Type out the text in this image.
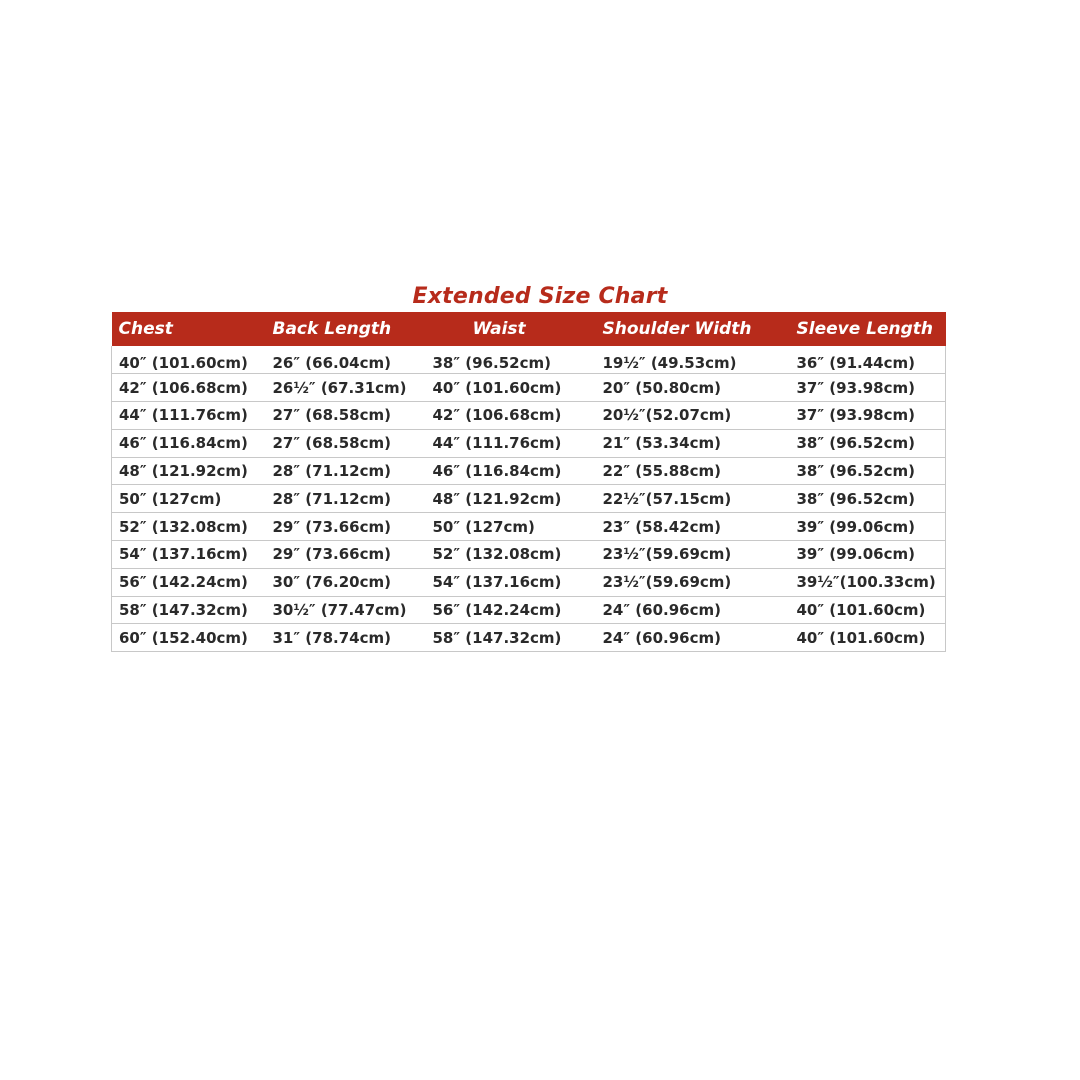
Extended Size Chart
Chest	Back Length	Waist	Shoulder Width	Sleeve Length
40″ (101.60cm)	26″ (66.04cm)	38″ (96.52cm)	19½″ (49.53cm)	36″ (91.44cm)
42″ (106.68cm)	26½″ (67.31cm)	40″ (101.60cm)	20″ (50.80cm)	37″ (93.98cm)
44″ (111.76cm)	27″ (68.58cm)	42″ (106.68cm)	20½″(52.07cm)	37″ (93.98cm)
46″ (116.84cm)	27″ (68.58cm)	44″ (111.76cm)	21″ (53.34cm)	38″ (96.52cm)
48″ (121.92cm)	28″ (71.12cm)	46″ (116.84cm)	22″ (55.88cm)	38″ (96.52cm)
50″ (127cm)	28″ (71.12cm)	48″ (121.92cm)	22½″(57.15cm)	38″ (96.52cm)
52″ (132.08cm)	29″ (73.66cm)	50″ (127cm)	23″ (58.42cm)	39″ (99.06cm)
54″ (137.16cm)	29″ (73.66cm)	52″ (132.08cm)	23½″(59.69cm)	39″ (99.06cm)
56″ (142.24cm)	30″ (76.20cm)	54″ (137.16cm)	23½″(59.69cm)	39½″(100.33cm)
58″ (147.32cm)	30½″ (77.47cm)	56″ (142.24cm)	24″ (60.96cm)	40″ (101.60cm)
60″ (152.40cm)	31″ (78.74cm)	58″ (147.32cm)	24″ (60.96cm)	40″ (101.60cm)
